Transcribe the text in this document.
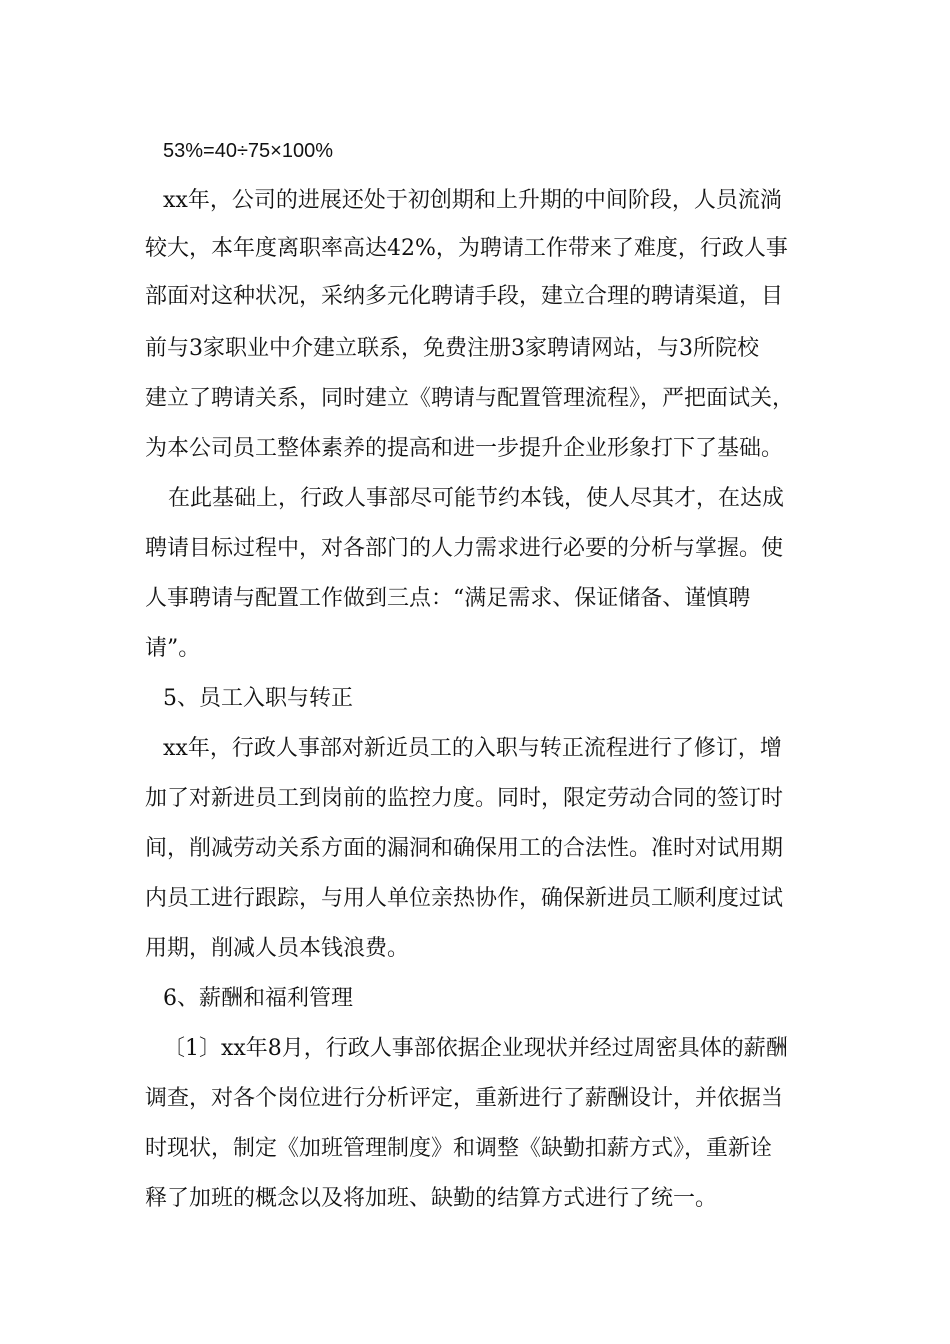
53%=40÷75×100%
xx年，公司的进展还处于初创期和上升期的中间阶段，人员流淌
较大，本年度离职率高达42%，为聘请工作带来了难度，行政人事
部面对这种状况，采纳多元化聘请手段，建立合理的聘请渠道，目
前与3家职业中介建立联系，免费注册3家聘请网站，与3所院校
建立了聘请关系，同时建立《聘请与配置管理流程》，严把面试关，
为本公司员工整体素养的提高和进一步提升企业形象打下了基础。
在此基础上，行政人事部尽可能节约本钱，使人尽其才，在达成
聘请目标过程中，对各部门的人力需求进行必要的分析与掌握。使
人事聘请与配置工作做到三点：“满足需求、保证储备、谨慎聘
请”。
5、员工入职与转正
xx年，行政人事部对新近员工的入职与转正流程进行了修订，增
加了对新进员工到岗前的监控力度。同时，限定劳动合同的签订时
间，削减劳动关系方面的漏洞和确保用工的合法性。准时对试用期
内员工进行跟踪，与用人单位亲热协作，确保新进员工顺利度过试
用期，削减人员本钱浪费。
6、薪酬和福利管理
〔1〕xx年8月，行政人事部依据企业现状并经过周密具体的薪酬
调查，对各个岗位进行分析评定，重新进行了薪酬设计，并依据当
时现状，制定《加班管理制度》和调整《缺勤扣薪方式》，重新诠
释了加班的概念以及将加班、缺勤的结算方式进行了统一。
